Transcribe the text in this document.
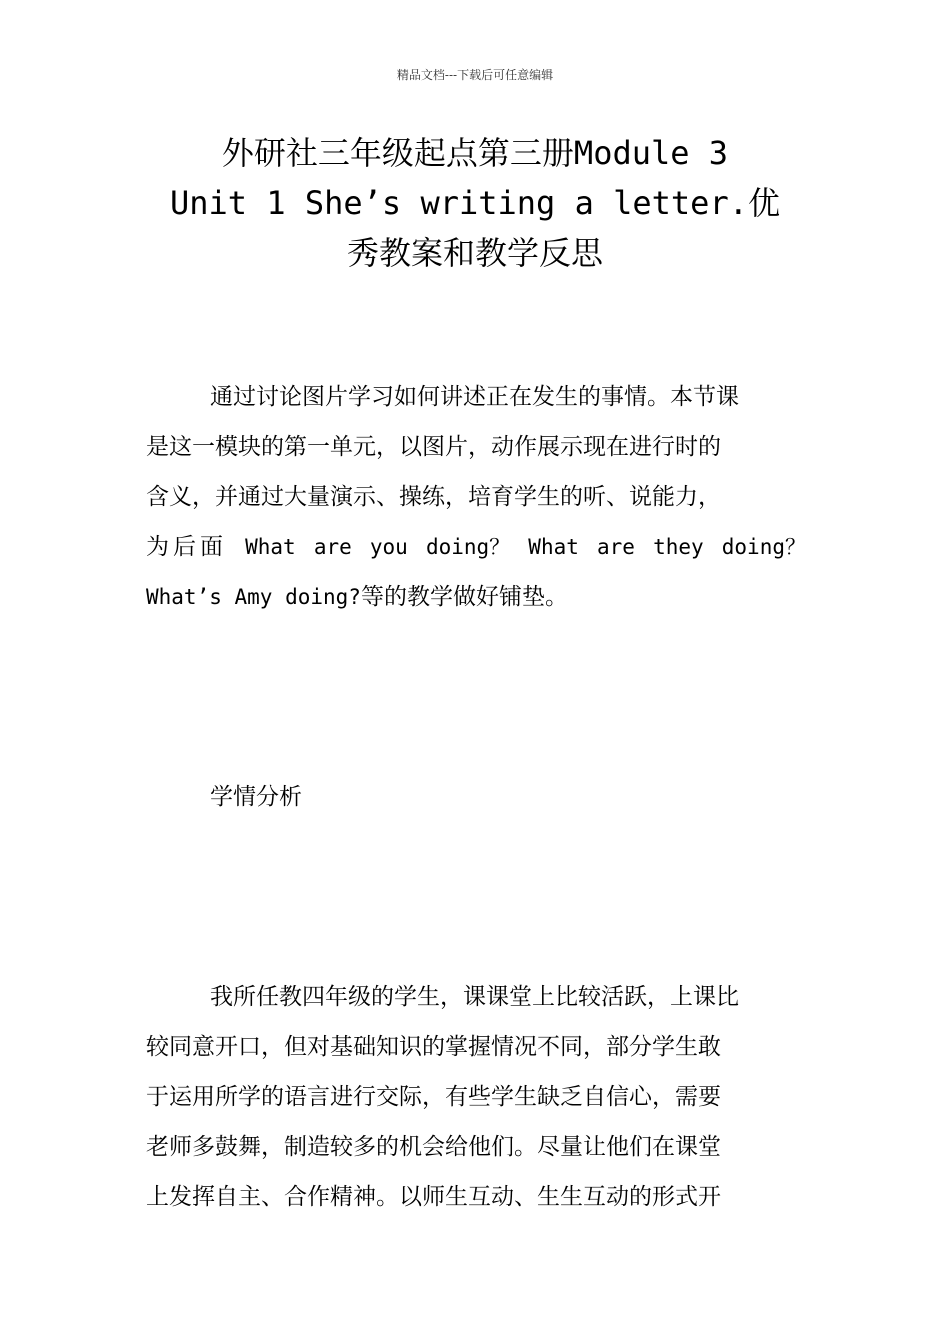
精品文档---下载后可任意编辑
外研社三年级起点第三册Module 3
Unit 1 She’s writing a letter.优
秀教案和教学反思
通过讨论图片学习如何讲述正在发生的事情。本节课
是这一模块的第一单元，以图片，动作展示现在进行时的
含义，并通过大量演示、操练，培育学生的听、说能力，
为后面 What are you doing？ What are they doing？
What’s Amy doing? 等的教学做好铺垫。
学情分析
我所任教四年级的学生，课课堂上比较活跃，上课比
较同意开口，但对基础知识的掌握情况不同，部分学生敢
于运用所学的语言进行交际，有些学生缺乏自信心，需要
老师多鼓舞，制造较多的机会给他们。尽量让他们在课堂
上发挥自主、合作精神。以师生互动、生生互动的形式开
